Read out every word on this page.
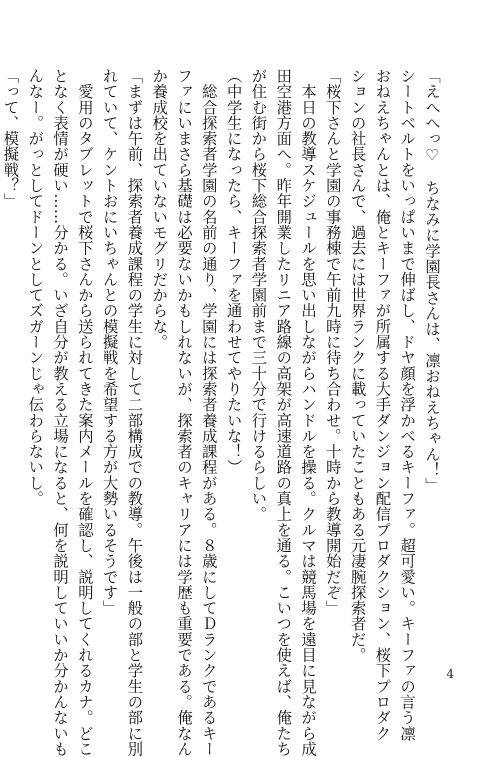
「えへへっ♡　ちなみに学園長さんは、凛おねえちゃん！」

シートベルトをいっぱいまで伸ばし、ドヤ顔を浮かべるキーファ。超可愛い。キーファの言う凛

おねえちゃんとは、俺とキーファが所属する大手ダンジョン配信プロダクション、桜下プロダク

ションの社長さんで、過去には世界ランクに載っていたこともある元凄腕探索者だ。

「桜下さんと学園の事務棟で午前九時に待ち合わせ。十時から教導開始だぞ」

　本日の教導スケジュールを思い出しながらハンドルを操る。クルマは競馬場を遠目に見ながら成

田空港方面へ。昨年開業したリニア路線の高架が高速道路の真上を通る。こいつを使えば、俺たち

が住む街から桜下総合探索者学園前まで三十分で行けるらしい。

（中学生になったら、キーファを通わせてやりたいな！）

　総合探索者学園の名前の通り、学園には探索者養成課程がある。８歳にしてＤランクであるキー

ファにいまさら基礎は必要ないかもしれないが、探索者のキャリアには学歴も重要である。俺なん

か養成校を出ていないモグリだからな。

「まずは午前、探索者養成課程の学生に対して二部構成での教導。午後は一般の部と学生の部に別

れていて、ケントおにいちゃんとの模擬戦を希望する方が大勢いるそうです」

　愛用のタブレットで桜下さんから送られてきた案内メールを確認し、説明してくれるカナ。どこ

となく表情が硬い……分かる。いざ自分が教える立場になると、何を説明していいか分かんないも

んなー。がっとしてドーンとしてズガーンじゃ伝わらないし。

「って、模擬戦？」

4
